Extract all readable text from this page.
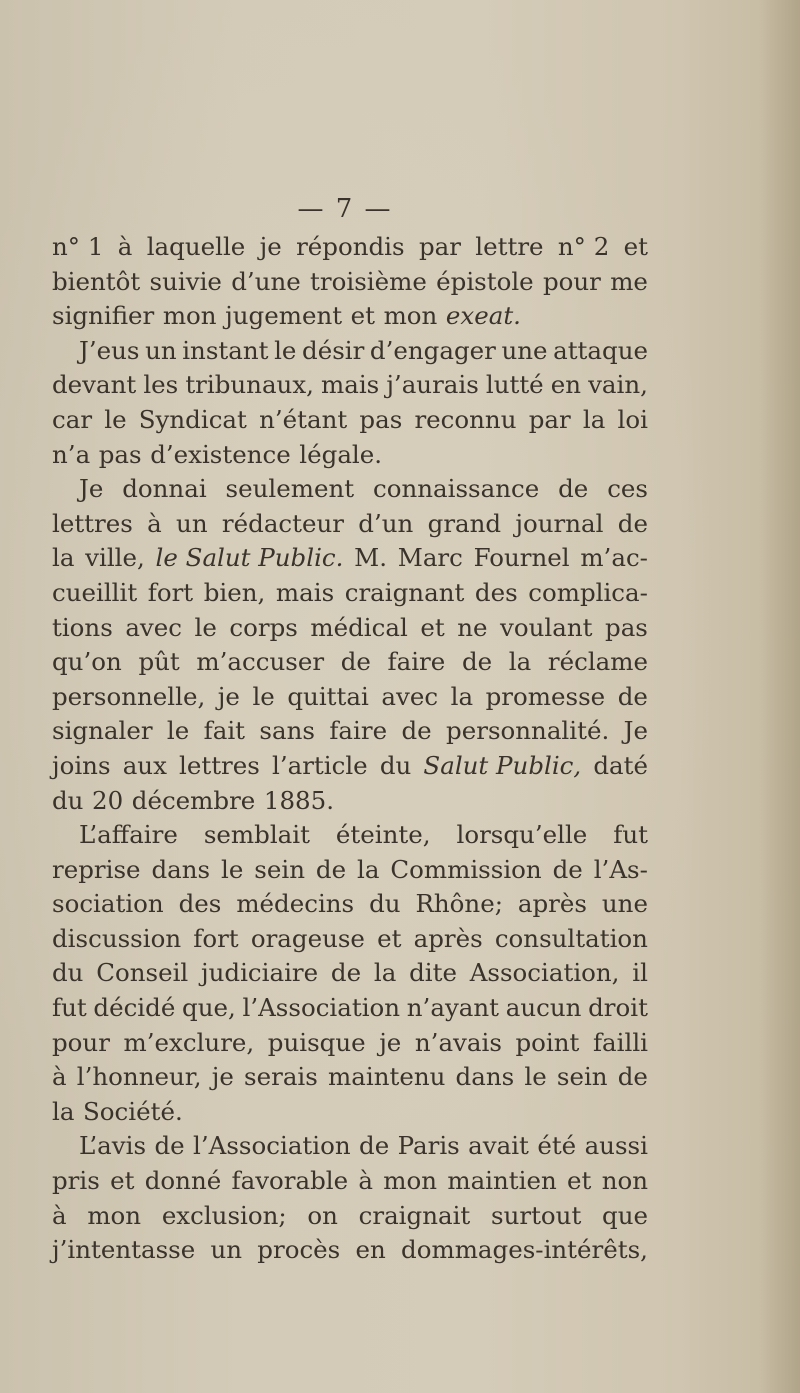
— 7 —
n° 1 à laquelle je répondis par lettre n° 2 et
bientôt suivie d’une troisième épistole pour me
signifier mon jugement et mon exeat.
J’eus un instant le désir d’engager une attaque
devant les tribunaux, mais j’aurais lutté en vain,
car le Syndicat n’étant pas reconnu par la loi
n’a pas d’existence légale.
Je donnai seulement connaissance de ces
lettres à un rédacteur d’un grand journal de
la ville, le Salut Public. M. Marc Fournel m’ac-
cueillit fort bien, mais craignant des complica-
tions avec le corps médical et ne voulant pas
qu’on pût m’accuser de faire de la réclame
personnelle, je le quittai avec la promesse de
signaler le fait sans faire de personnalité. Je
joins aux lettres l’article du Salut Public, daté
du 20 décembre 1885.
L’affaire semblait éteinte, lorsqu’elle fut
reprise dans le sein de la Commission de l’As-
sociation des médecins du Rhône; après une
discussion fort orageuse et après consultation
du Conseil judiciaire de la dite Association, il
fut décidé que, l’Association n’ayant aucun droit
pour m’exclure, puisque je n’avais point failli
à l’honneur, je serais maintenu dans le sein de
la Société.
L’avis de l’Association de Paris avait été aussi
pris et donné favorable à mon maintien et non
à mon exclusion; on craignait surtout que
j’intentasse un procès en dommages-intérêts,
